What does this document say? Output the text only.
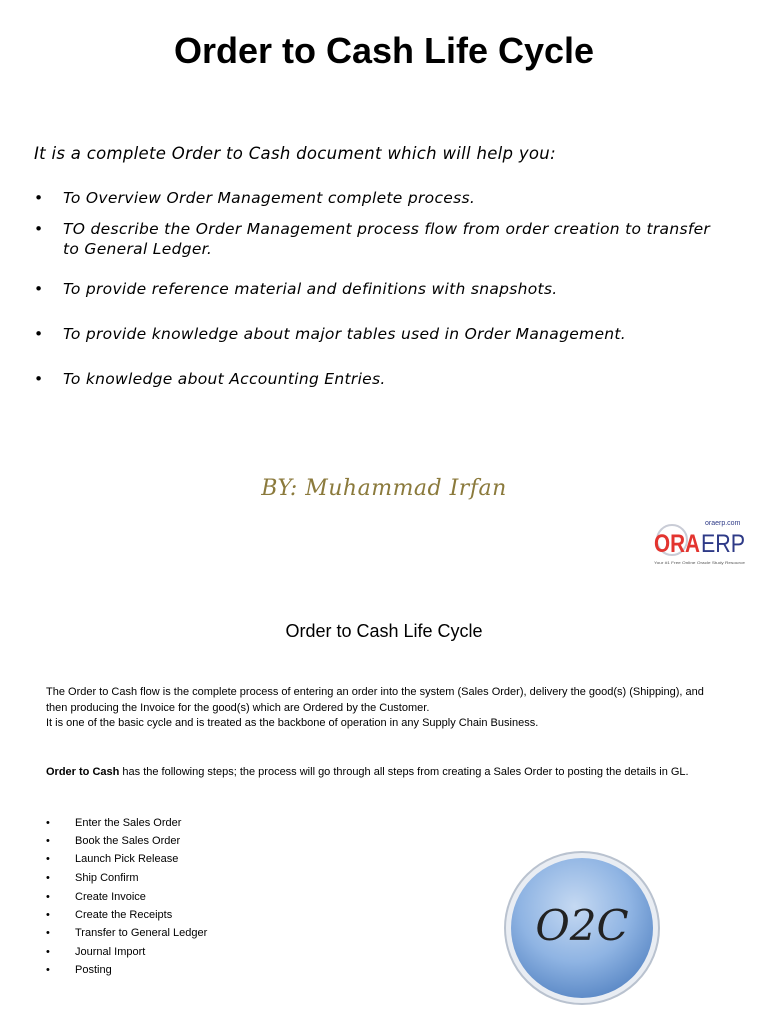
Order to Cash Life Cycle
It is a complete Order to Cash document which will help you:
• To Overview Order Management complete process.
• TO describe the Order Management process flow from order creation to transfer to General Ledger.
• To provide reference material and definitions with snapshots.
• To provide knowledge about major tables used in Order Management.
• To knowledge about Accounting Entries.
BY: Muhammad Irfan
oraerp.com
ORA ERP
Your #1 Free Online Oracle Study Resource
Order to Cash Life Cycle
The Order to Cash flow is the complete process of entering an order into the system (Sales Order), delivery the good(s) (Shipping), and then producing the Invoice for the good(s) which are Ordered by the Customer.
It is one of the basic cycle and is treated as the backbone of operation in any Supply Chain Business.
Order to Cash has the following steps; the process will go through all steps from creating a Sales Order to posting the details in GL.
• Enter the Sales Order
• Book the Sales Order
• Launch Pick Release
• Ship Confirm
• Create Invoice
• Create the Receipts
• Transfer to General Ledger
• Journal Import
• Posting
O2C
